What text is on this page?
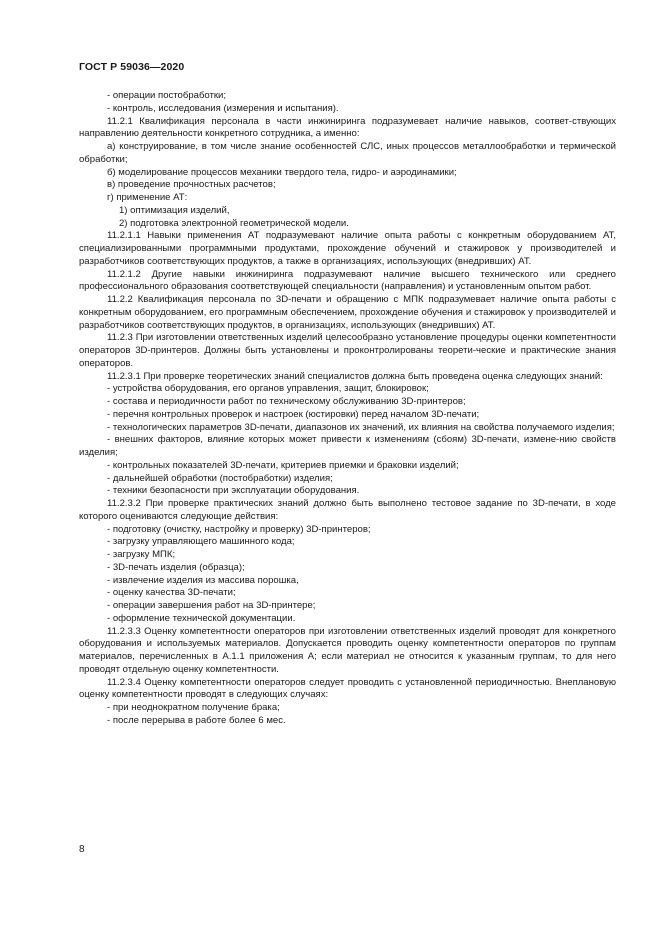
ГОСТ Р 59036—2020

- операции постобработки;

- контроль, исследования (измерения и испытания).

11.2.1 Квалификация персонала в части инжиниринга подразумевает наличие навыков, соответ-ствующих направлению деятельности конкретного сотрудника, а именно:

а) конструирование, в том числе знание особенностей СЛС, иных процессов металлообработки и термической обработки;

б) моделирование процессов механики твердого тела, гидро- и аэродинамики;

в) проведение прочностных расчетов;

г) применение АТ:

1) оптимизация изделий,

2) подготовка электронной геометрической модели.

11.2.1.1 Навыки применения АТ подразумевают наличие опыта работы с конкретным оборудованием АТ, специализированными программными продуктами, прохождение обучений и стажировок у производителей и разработчиков соответствующих продуктов, а также в организациях, использующих (внедривших) АТ.

11.2.1.2 Другие навыки инжиниринга подразумевают наличие высшего технического или среднего профессионального образования соответствующей специальности (направления) и установленным опытом работ.

11.2.2 Квалификация персонала по 3D-печати и обращению с МПК подразумевает наличие опыта работы с конкретным оборудованием, его программным обеспечением, прохождение обучения и стажировок у производителей и разработчиков соответствующих продуктов, в организациях, использующих (внедривших) АТ.

11.2.3 При изготовлении ответственных изделий целесообразно установление процедуры оценки компетентности операторов 3D-принтеров. Должны быть установлены и проконтролированы теорети-ческие и практические знания операторов.

11.2.3.1 При проверке теоретических знаний специалистов должна быть проведена оценка следующих знаний:

- устройства оборудования, его органов управления, защит, блокировок;

- состава и периодичности работ по техническому обслуживанию 3D-принтеров;

- перечня контрольных проверок и настроек (юстировки) перед началом 3D-печати;

- технологических параметров 3D-печати, диапазонов их значений, их влияния на свойства получаемого изделия;

- внешних факторов, влияние которых может привести к изменениям (сбоям) 3D-печати, измене-нию свойств изделия;

- контрольных показателей 3D-печати, критериев приемки и браковки изделий;

- дальнейшей обработки (постобработки) изделия;

- техники безопасности при эксплуатации оборудования.

11.2.3.2 При проверке практических знаний должно быть выполнено тестовое задание по 3D-печати, в ходе которого оцениваются следующие действия:

- подготовку (очистку, настройку и проверку) 3D-принтеров;

- загрузку управляющего машинного кода;

- загрузку МПК;

- 3D-печать изделия (образца);

- извлечение изделия из массива порошка,

- оценку качества 3D-печати;

- операции завершения работ на 3D-принтере;

- оформление технической документации.

11.2.3.3 Оценку компетентности операторов при изготовлении ответственных изделий проводят для конкретного оборудования и используемых материалов. Допускается проводить оценку компетентности операторов по группам материалов, перечисленных в А.1.1 приложения А; если материал не относится к указанным группам, то для него проводят отдельную оценку компетентности.

11.2.3.4 Оценку компетентности операторов следует проводить с установленной периодичностью. Внеплановую оценку компетентности проводят в следующих случаях:

- при неоднократном получение брака;

- после перерыва в работе более 6 мес.

8
